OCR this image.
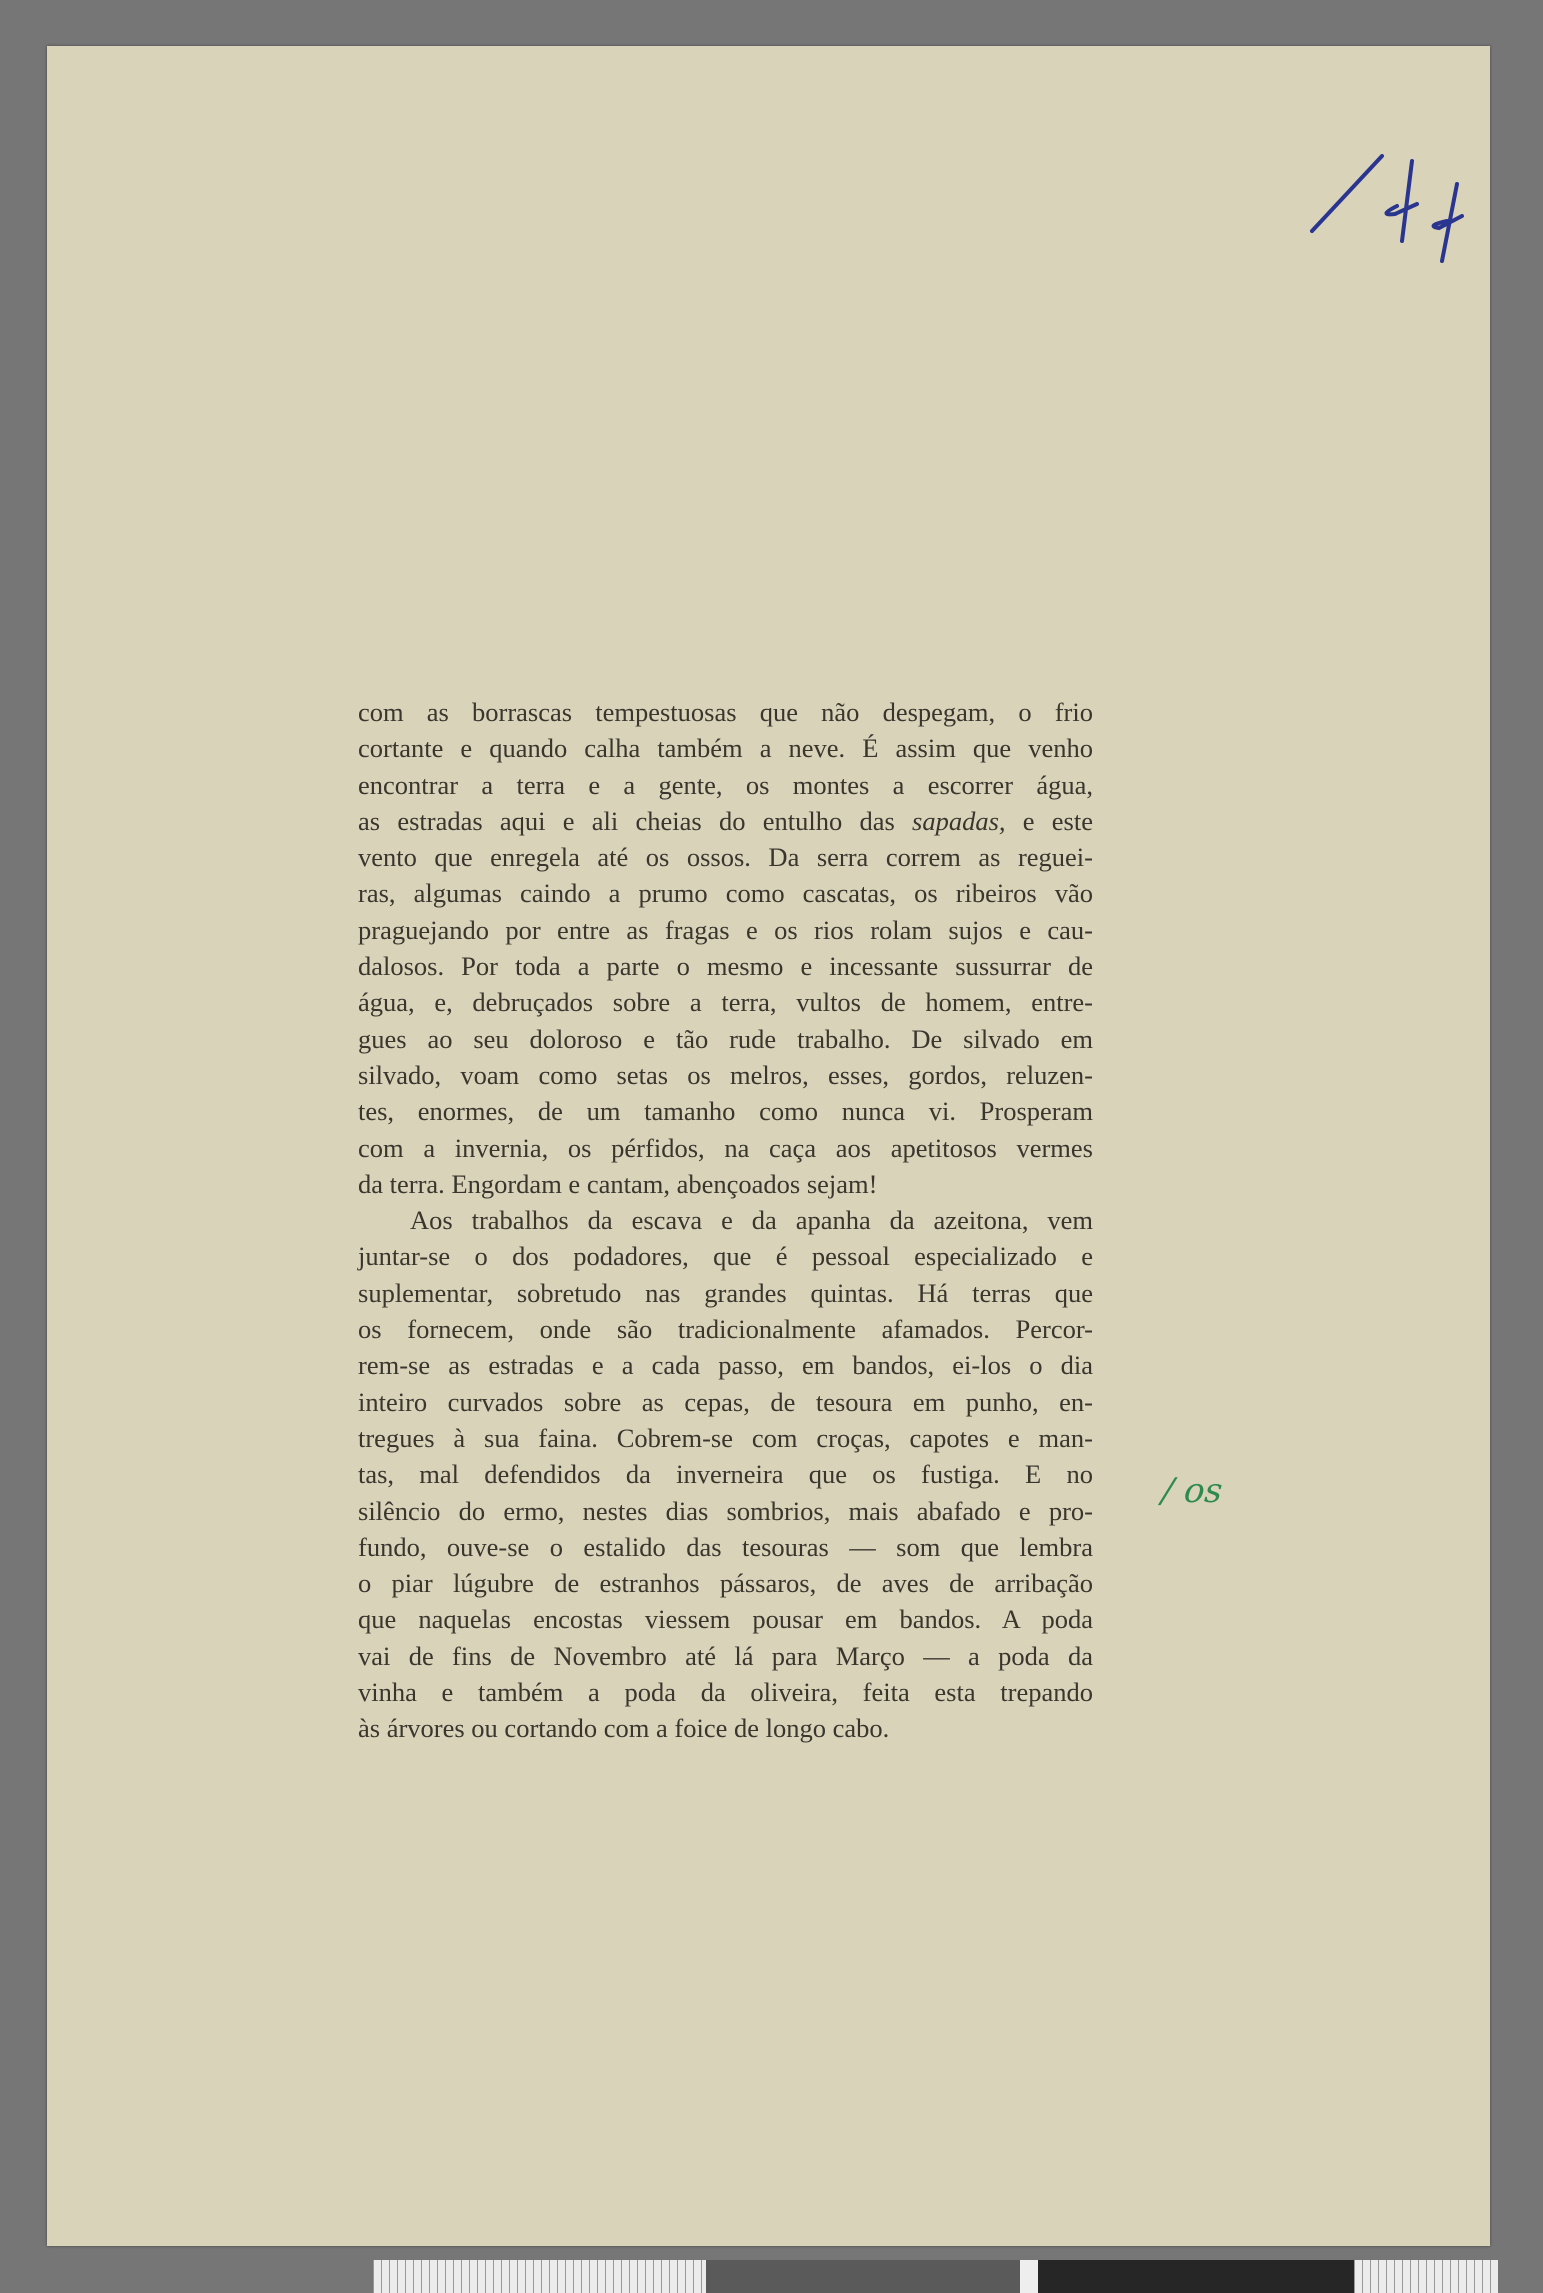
/ os
com as borrascas tempestuosas que não despegam, o frio
cortante e quando calha também a neve. É assim que venho
encontrar a terra e a gente, os montes a escorrer água,
as estradas aqui e ali cheias do entulho das sapadas, e este
vento que enregela até os ossos. Da serra correm as reguei-
ras, algumas caindo a prumo como cascatas, os ribeiros vão
praguejando por entre as fragas e os rios rolam sujos e cau-
dalosos. Por toda a parte o mesmo e incessante sussurrar de
água, e, debruçados sobre a terra, vultos de homem, entre-
gues ao seu doloroso e tão rude trabalho. De silvado em
silvado, voam como setas os melros, esses, gordos, reluzen-
tes, enormes, de um tamanho como nunca vi. Prosperam
com a invernia, os pérfidos, na caça aos apetitosos vermes
da terra. Engordam e cantam, abençoados sejam!
Aos trabalhos da escava e da apanha da azeitona, vem
juntar-se o dos podadores, que é pessoal especializado e
suplementar, sobretudo nas grandes quintas. Há terras que
os fornecem, onde são tradicionalmente afamados. Percor-
rem-se as estradas e a cada passo, em bandos, ei-los o dia
inteiro curvados sobre as cepas, de tesoura em punho, en-
tregues à sua faina. Cobrem-se com croças, capotes e man-
tas, mal defendidos da inverneira que os fustiga. E no
silêncio do ermo, nestes dias sombrios, mais abafado e pro-
fundo, ouve-se o estalido das tesouras — som que lembra
o piar lúgubre de estranhos pássaros, de aves de arribação
que naquelas encostas viessem pousar em bandos. A poda
vai de fins de Novembro até lá para Março — a poda da
vinha e também a poda da oliveira, feita esta trepando
às árvores ou cortando com a foice de longo cabo.
